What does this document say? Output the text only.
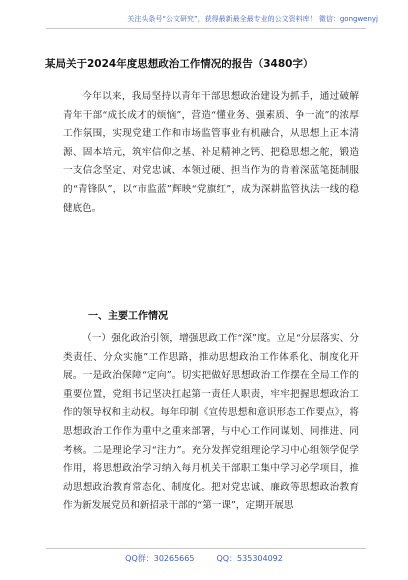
关注头条号“公文研究”，获得最新最全最专业的公文资料库！ 微信：gongwenyj
某局关于2024年度思想政治工作情况的报告（3480字）
今年以来，我局坚持以青年干部思想政治建设为抓手，通过破解青年干部“成长成才的烦恼”，营造“懂业务、强素质、争一流”的浓厚工作氛围，实现党建工作和市场监管事业有机融合，从思想上正本清源、固本培元，筑牢信仰之基、补足精神之钙、把稳思想之舵，锻造一支信念坚定、对党忠诚、本领过硬、担当作为的肯着深蓝笔挺制服的“青锋队”，以“市监蓝”辉映“党旗红”，成为深耕监管执法一线的稳健底色。
一、主要工作情况
（一）强化政治引领，增强思政工作“深”度。立足“分层落实、分类责任、分众实施”工作思路，推动思想政治工作体系化、制度化开展。一是政治保障“定向”。切实把做好思想政治工作摆在全局工作的重要位置，党组书记坚决扛起第一责任人职责，牢牢把握思想政治工作的领导权和主动权。每年印制《宣传思想和意识形态工作要点》，将思想政治工作作为重中之重来部署，与中心工作同谋划、同推进、同考核。二是理论学习“注力”。充分发挥党组理论学习中心组领学促学作用，将思想政治学习纳入每月机关干部职工集中学习必学项目，推动思想政治教育常态化、制度化。把对党忠诚、廉政等思想政治教育作为新发展党员和新招录干部的“第一课”，定期开展思
QQ群：30265665	QQ：535304092
